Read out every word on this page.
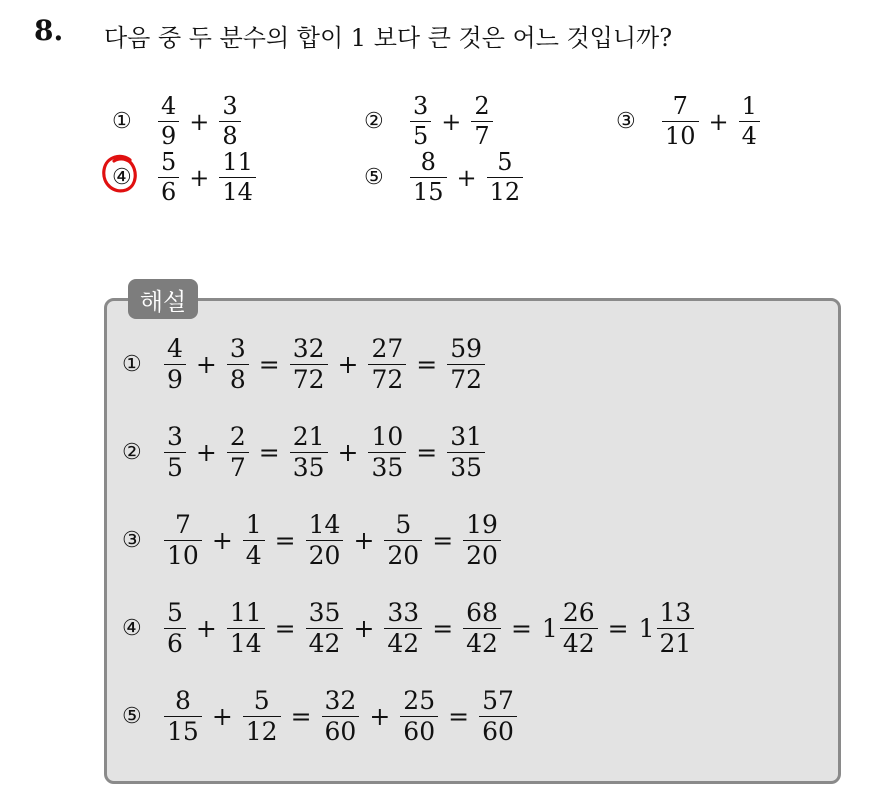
8. 다음 중 두 분수의 합이 1 보다 큰 것은 어느 것입니까?
①	$\frac{4}{9} + \frac{3}{8}$	②	$\frac{3}{5} + \frac{2}{7}$	③	$\frac{7}{10} + \frac{1}{4}$
④	$\frac{5}{6} + \frac{11}{14}$	⑤	$\frac{8}{15} + \frac{5}{12}$
해설
① $\frac{4}{9} + \frac{3}{8} = \frac{32}{72} + \frac{27}{72} = \frac{59}{72}$
② $\frac{3}{5} + \frac{2}{7} = \frac{21}{35} + \frac{10}{35} = \frac{31}{35}$
③ $\frac{7}{10} + \frac{1}{4} = \frac{14}{20} + \frac{5}{20} = \frac{19}{20}$
④ $\frac{5}{6} + \frac{11}{14} = \frac{35}{42} + \frac{33}{42} = \frac{68}{42} = 1 \frac{26}{42} = 1 \frac{13}{21}$
⑤ $\frac{8}{15} + \frac{5}{12} = \frac{32}{60} + \frac{25}{60} = \frac{57}{60}$
